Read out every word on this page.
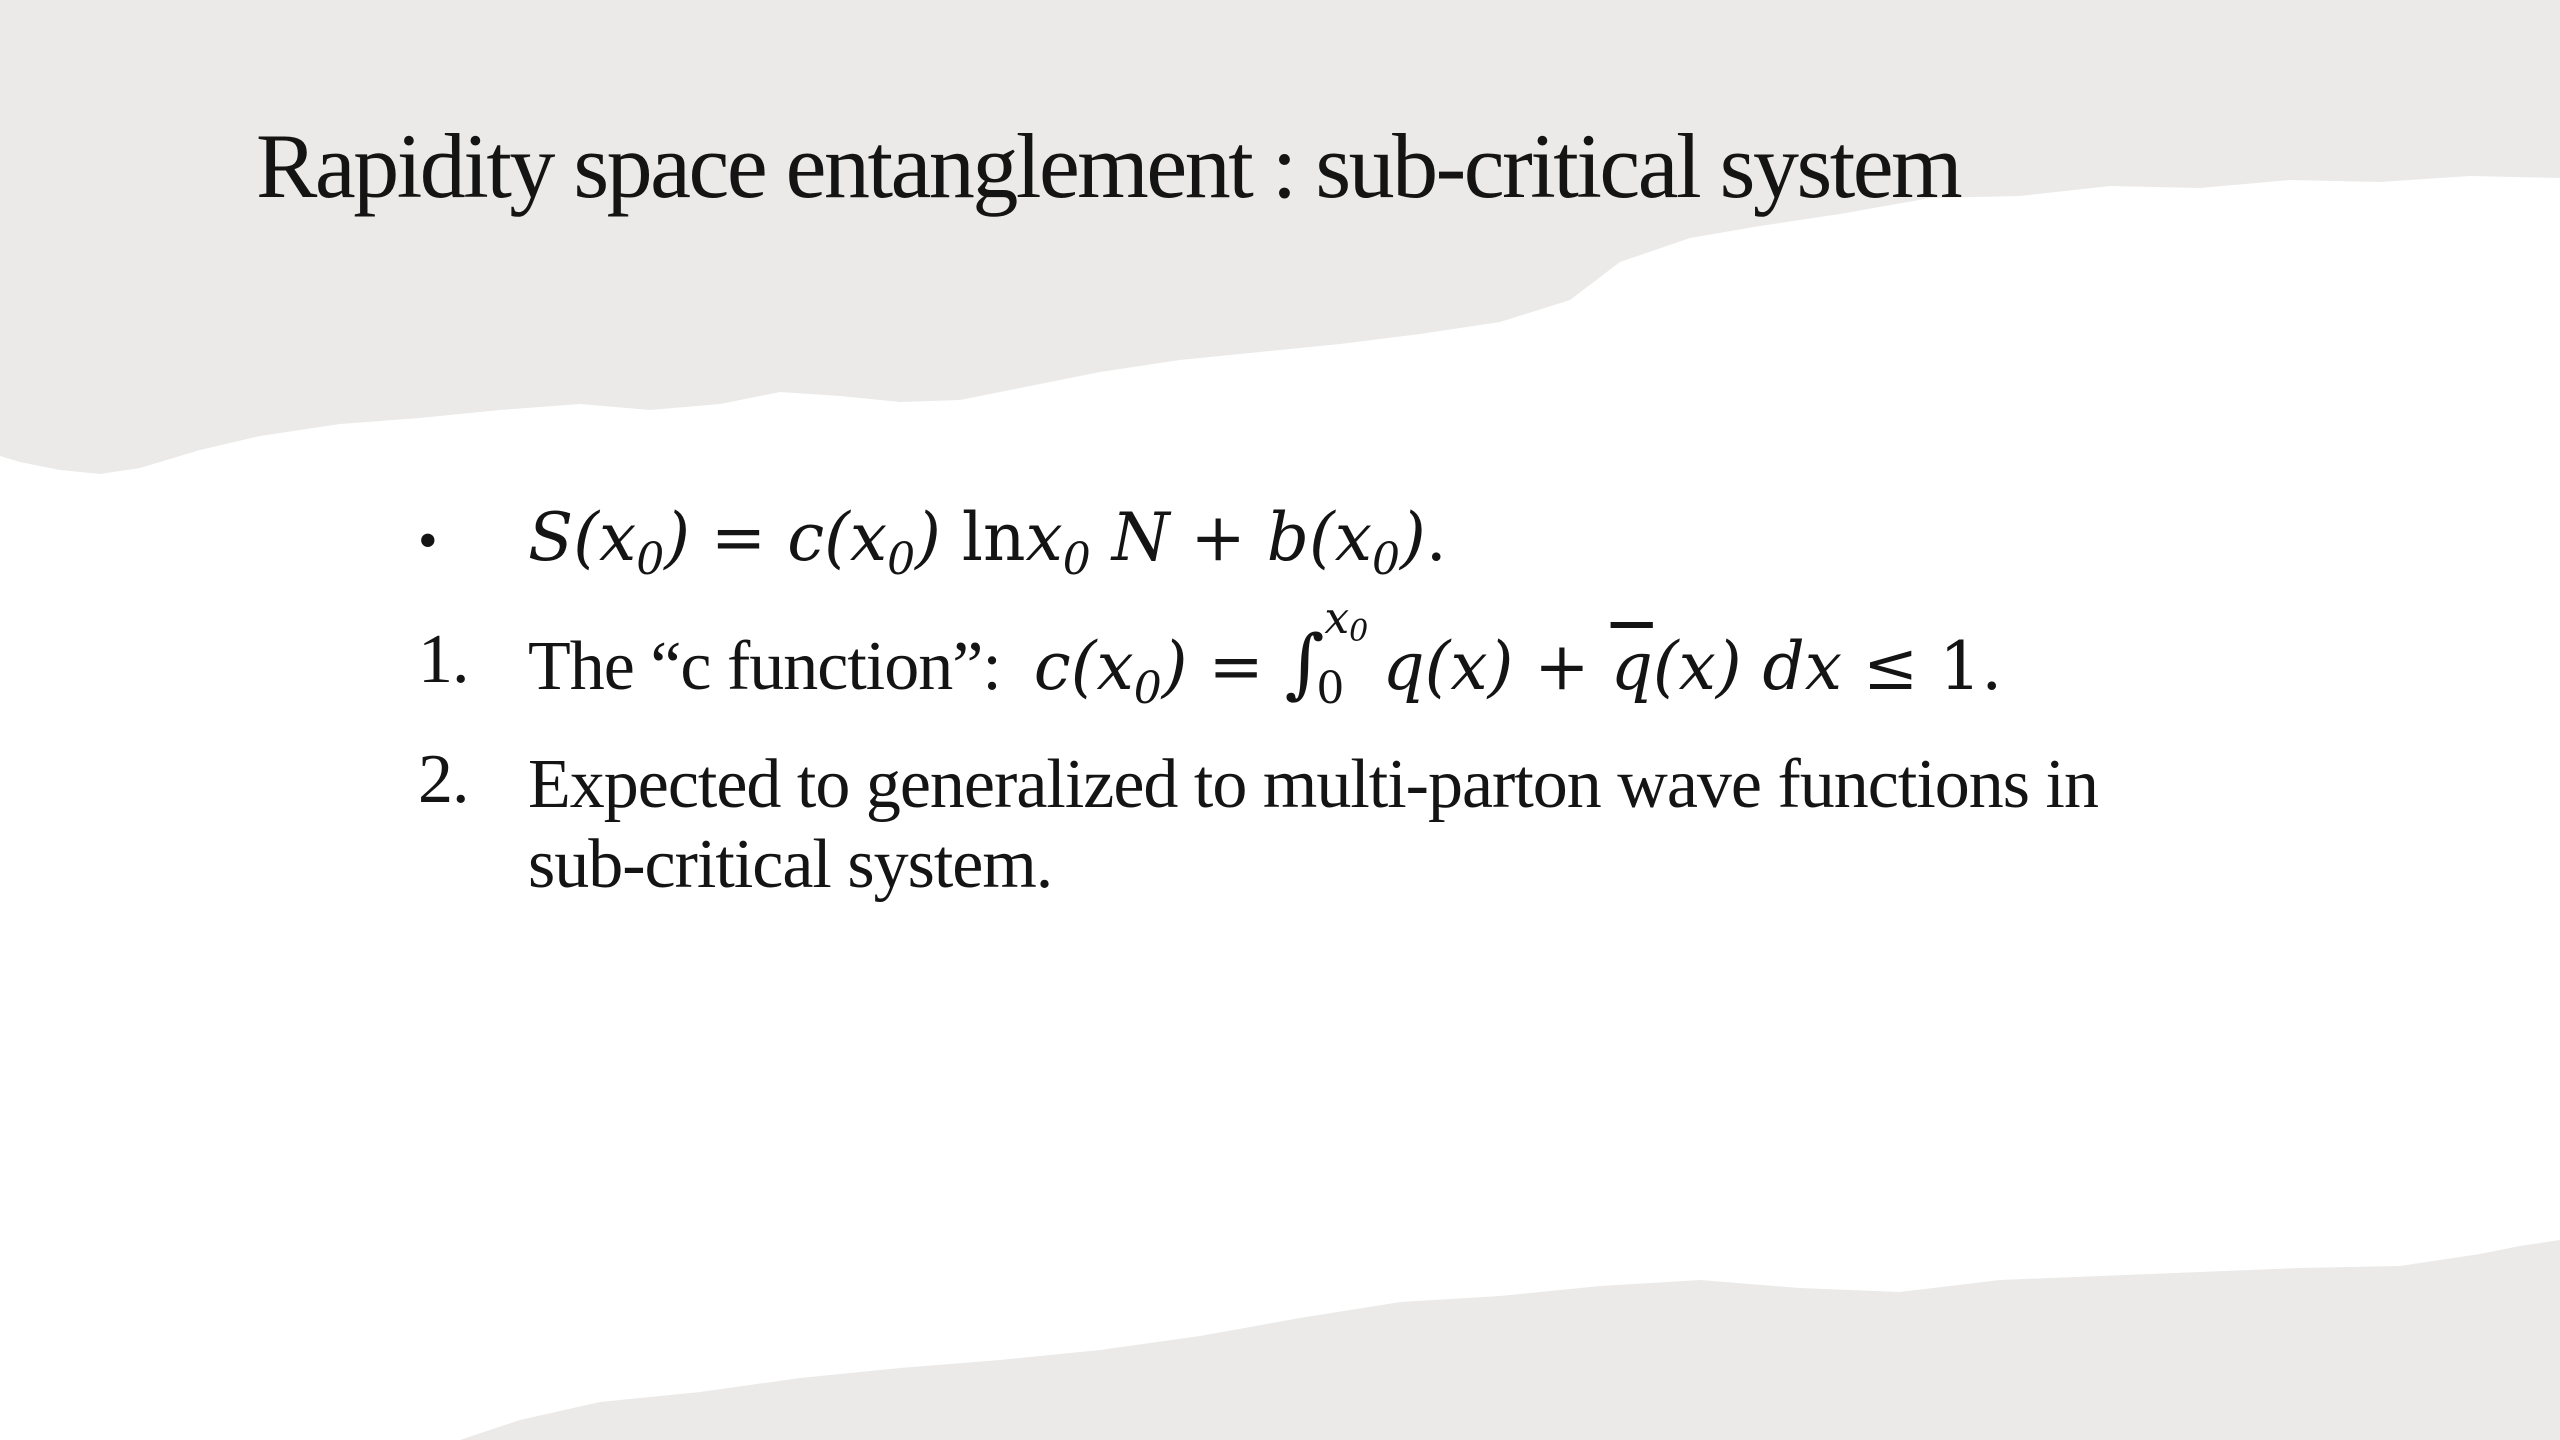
Rapidity space entanglement : sub-critical system
• $S(x_0) = c(x_0)$ lnx$_0$ $N + b(x_0)$.
1. The “c function”: $c(x_0)$ = ∫ x0
0 $q(x) + \overline{q}(x)$ dx ≤ 1.
2. Expected to generalized to multi-parton wave functions in sub-critical system.
